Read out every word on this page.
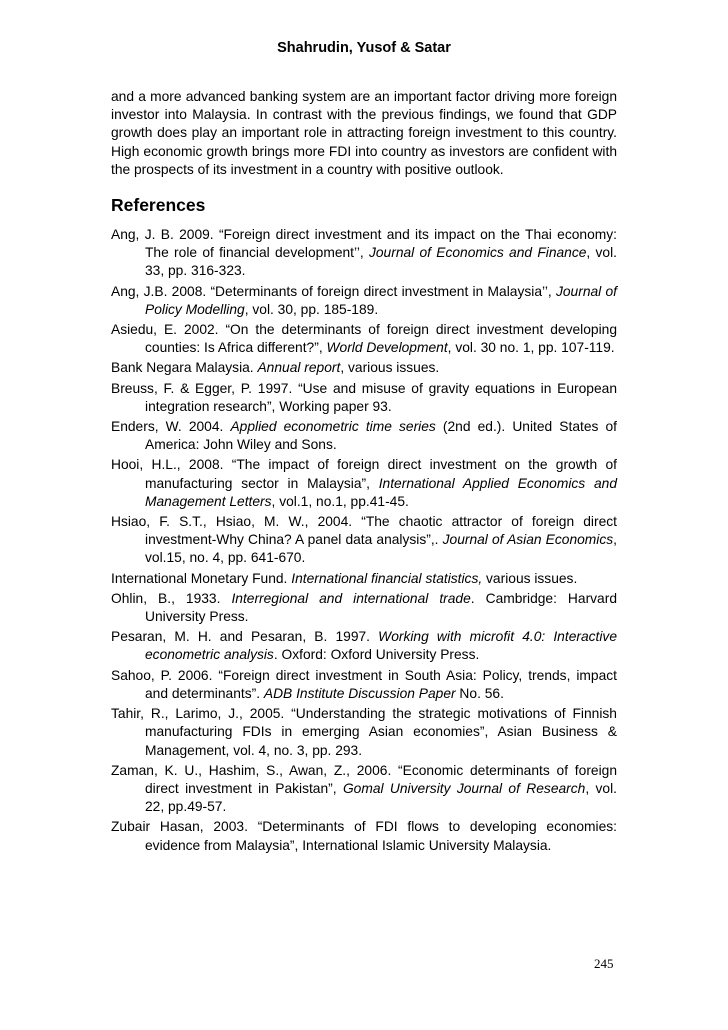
Shahrudin, Yusof & Satar

and a more advanced banking system are an important factor driving more foreign investor into Malaysia. In contrast with the previous findings, we found that GDP growth does play an important role in attracting foreign investment to this country. High economic growth brings more FDI into country as investors are confident with the prospects of its investment in a country with positive outlook.

References

Ang, J. B. 2009. “Foreign direct investment and its impact on the Thai economy: The role of financial development’’, Journal of Economics and Finance, vol. 33, pp. 316-323.

Ang, J.B. 2008. “Determinants of foreign direct investment in Malaysia’’, Journal of Policy Modelling, vol. 30, pp. 185-189.

Asiedu, E. 2002. “On the determinants of foreign direct investment developing counties: Is Africa different?”, World Development, vol. 30 no. 1, pp. 107-119.

Bank Negara Malaysia. Annual report, various issues.

Breuss, F. & Egger, P. 1997. “Use and misuse of gravity equations in European integration research”, Working paper 93.

Enders, W. 2004. Applied econometric time series (2nd ed.). United States of America: John Wiley and Sons.

Hooi, H.L., 2008. “The impact of foreign direct investment on the growth of manufacturing sector in Malaysia”, International Applied Economics and Management Letters, vol.1, no.1, pp.41-45.

Hsiao, F. S.T., Hsiao, M. W., 2004. “The chaotic attractor of foreign direct investment-Why China? A panel data analysis”,. Journal of Asian Economics, vol.15, no. 4, pp. 641-670.

International Monetary Fund. International financial statistics, various issues.

Ohlin, B., 1933. Interregional and international trade. Cambridge: Harvard University Press.

Pesaran, M. H. and Pesaran, B. 1997. Working with microfit 4.0: Interactive econometric analysis. Oxford: Oxford University Press.

Sahoo, P. 2006. “Foreign direct investment in South Asia: Policy, trends, impact and determinants”. ADB Institute Discussion Paper No. 56.

Tahir, R., Larimo, J., 2005. “Understanding the strategic motivations of Finnish manufacturing FDIs in emerging Asian economies”, Asian Business & Management, vol. 4, no. 3, pp. 293.

Zaman, K. U., Hashim, S., Awan, Z., 2006. “Economic determinants of foreign direct investment in Pakistan”, Gomal University Journal of Research, vol. 22, pp.49-57.

Zubair Hasan, 2003. “Determinants of FDI flows to developing economies: evidence from Malaysia”, International Islamic University Malaysia.

245
